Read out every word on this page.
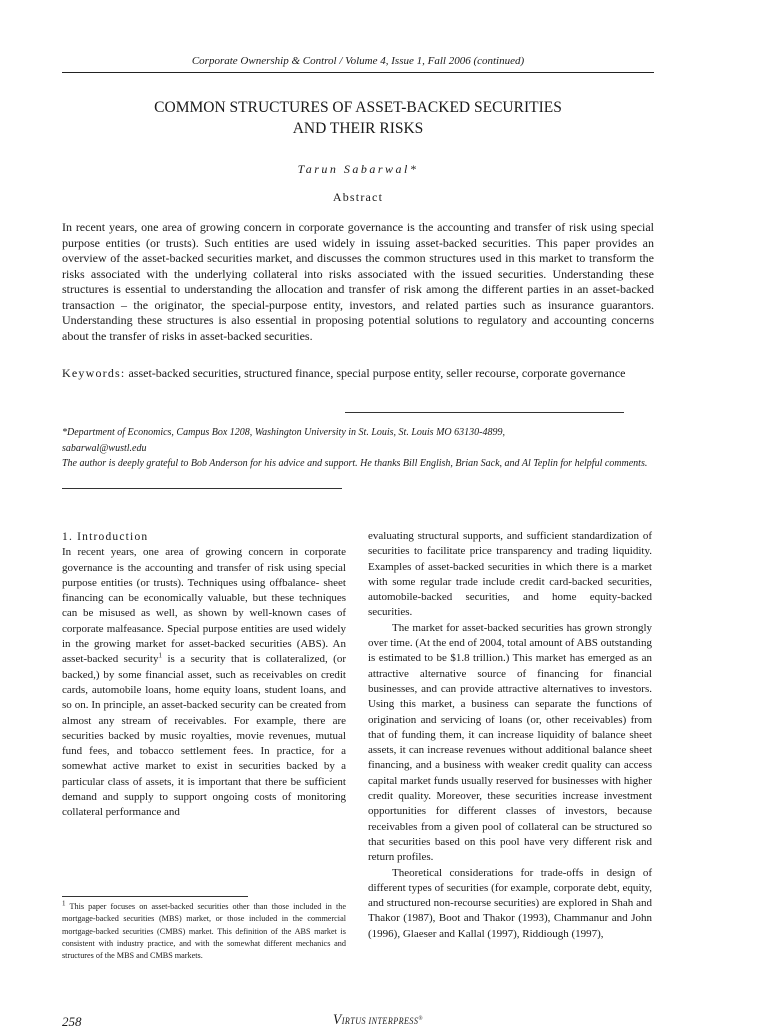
Corporate Ownership & Control / Volume 4, Issue 1, Fall 2006 (continued)
COMMON STRUCTURES OF ASSET-BACKED SECURITIES
AND THEIR RISKS
Tarun Sabarwal*
Abstract

In recent years, one area of growing concern in corporate governance is the accounting and transfer of risk using special purpose entities (or trusts). Such entities are used widely in issuing asset-backed securities. This paper provides an overview of the asset-backed securities market, and discusses the common structures used in this market to transform the risks associated with the underlying collateral into risks associated with the issued securities. Understanding these structures is essential to understanding the allocation and transfer of risk among the different parties in an asset-backed transaction – the originator, the special-purpose entity, investors, and related parties such as insurance guarantors. Understanding these structures is also essential in proposing potential solutions to regulatory and accounting concerns about the transfer of risks in asset-backed securities.

Keywords: asset-backed securities, structured finance, special purpose entity, seller recourse, corporate governance

*Department of Economics, Campus Box 1208, Washington University in St. Louis, St. Louis MO 63130-4899,

sabarwal@wustl.edu

The author is deeply grateful to Bob Anderson for his advice and support. He thanks Bill English, Brian Sack, and Al Teplin for helpful comments.

1. Introduction

In recent years, one area of growing concern in corporate governance is the accounting and transfer of risk using special purpose entities (or trusts). Techniques using offbalance- sheet financing can be economically valuable, but these techniques can be misused as well, as shown by well-known cases of corporate malfeasance. Special purpose entities are used widely in the growing market for asset-backed securities (ABS). An asset-backed security$^1$ is a security that is collateralized, (or backed,) by some financial asset, such as receivables on credit cards, automobile loans, home equity loans, student loans, and so on. In principle, an asset-backed security can be created from almost any stream of receivables. For example, there are securities backed by music royalties, movie revenues, mutual fund fees, and tobacco settlement fees. In practice, for a somewhat active market to exist in securities backed by a particular class of assets, it is important that there be sufficient demand and supply to support ongoing costs of monitoring collateral performance and

evaluating structural supports, and sufficient standardization of securities to facilitate price transparency and trading liquidity. Examples of asset-backed securities in which there is a market with some regular trade include credit card-backed securities, automobile-backed securities, and home equity-backed securities.

The market for asset-backed securities has grown strongly over time. (At the end of 2004, total amount of ABS outstanding is estimated to be $1.8 trillion.) This market has emerged as an attractive alternative source of financing for financial businesses, and can provide attractive alternatives to investors. Using this market, a business can separate the functions of origination and servicing of loans (or, other receivables) from that of funding them, it can increase liquidity of balance sheet assets, it can increase revenues without additional balance sheet financing, and a business with weaker credit quality can access capital market funds usually reserved for businesses with higher credit quality. Moreover, these securities increase investment opportunities for different classes of investors, because receivables from a given pool of collateral can be structured so that securities based on this pool have very different risk and return profiles.

Theoretical considerations for trade-offs in design of different types of securities (for example, corporate debt, equity, and structured non-recourse securities) are explored in Shah and Thakor (1987), Boot and Thakor (1993), Chammanur and John (1996), Glaeser and Kallal (1997), Riddiough (1997),

$^1$ This paper focuses on asset-backed securities other than those included in the mortgage-backed securities (MBS) market, or those included in the commercial mortgage-backed securities (CMBS) market. This definition of the ABS market is consistent with industry practice, and with the somewhat different mechanics and structures of the MBS and CMBS markets.

258	VIRTUS INTERPRESS®
